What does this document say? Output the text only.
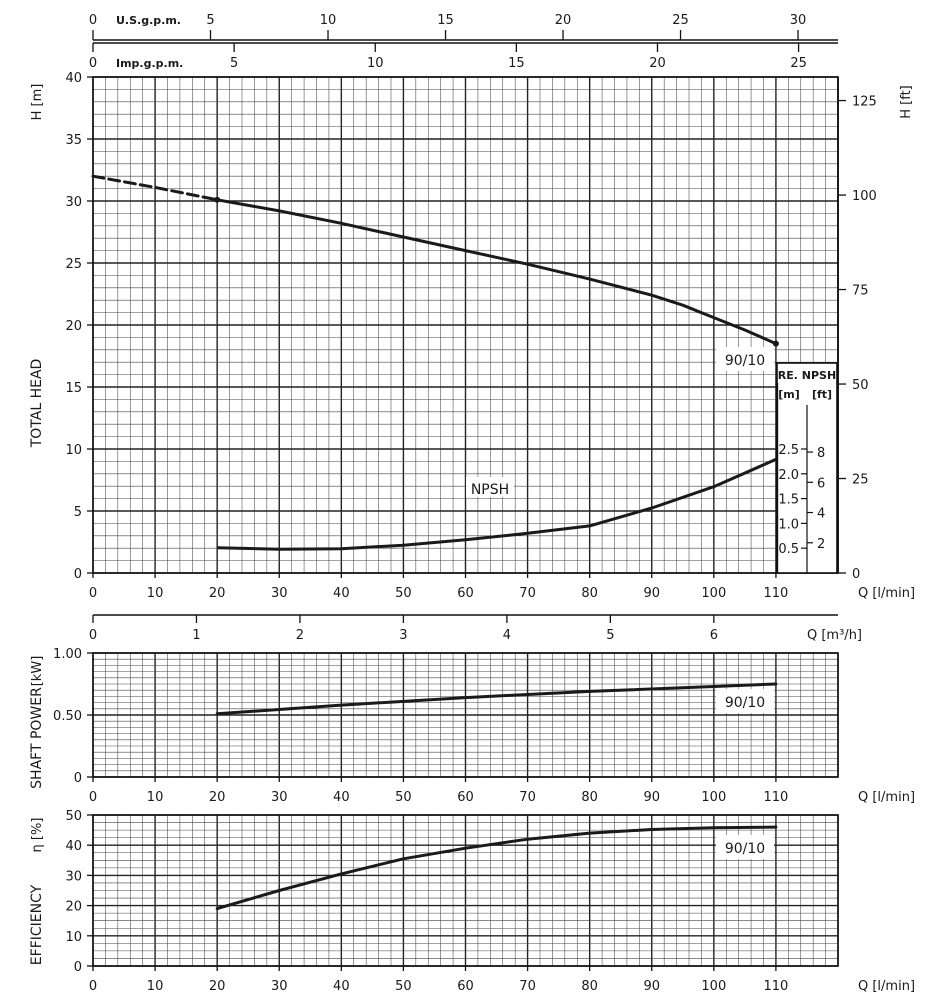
0	5	10	15	20	25	30
U.S.g.p.m.
0	5	10	15	20	25
Imp.g.p.m.
0
5
10
15
20
25
30
35
40
H [m]
TOTAL HEAD
0
25
50
75
100
125 H [ft]
0	10	20	30	40	50	60	70	80	90	100	110	Q [l/min]
0	1	2	3	4	5	6	Q [m³/h]
RE. NPSH
[m] [ft]
0.5
1.0
1.5
2.0
2.5
2
4
6
8
90/10
NPSH
0
0.50
1.00
[kW]
SHAFT POWER
0	10	20	30	40	50	60	70	80	90	100	110	Q [l/min]
90/10
0
10
20
30
40
50
η [%]
EFFICIENCY
0	10	20	30	40	50	60	70	80	90	100	110	Q [l/min]
90/10
